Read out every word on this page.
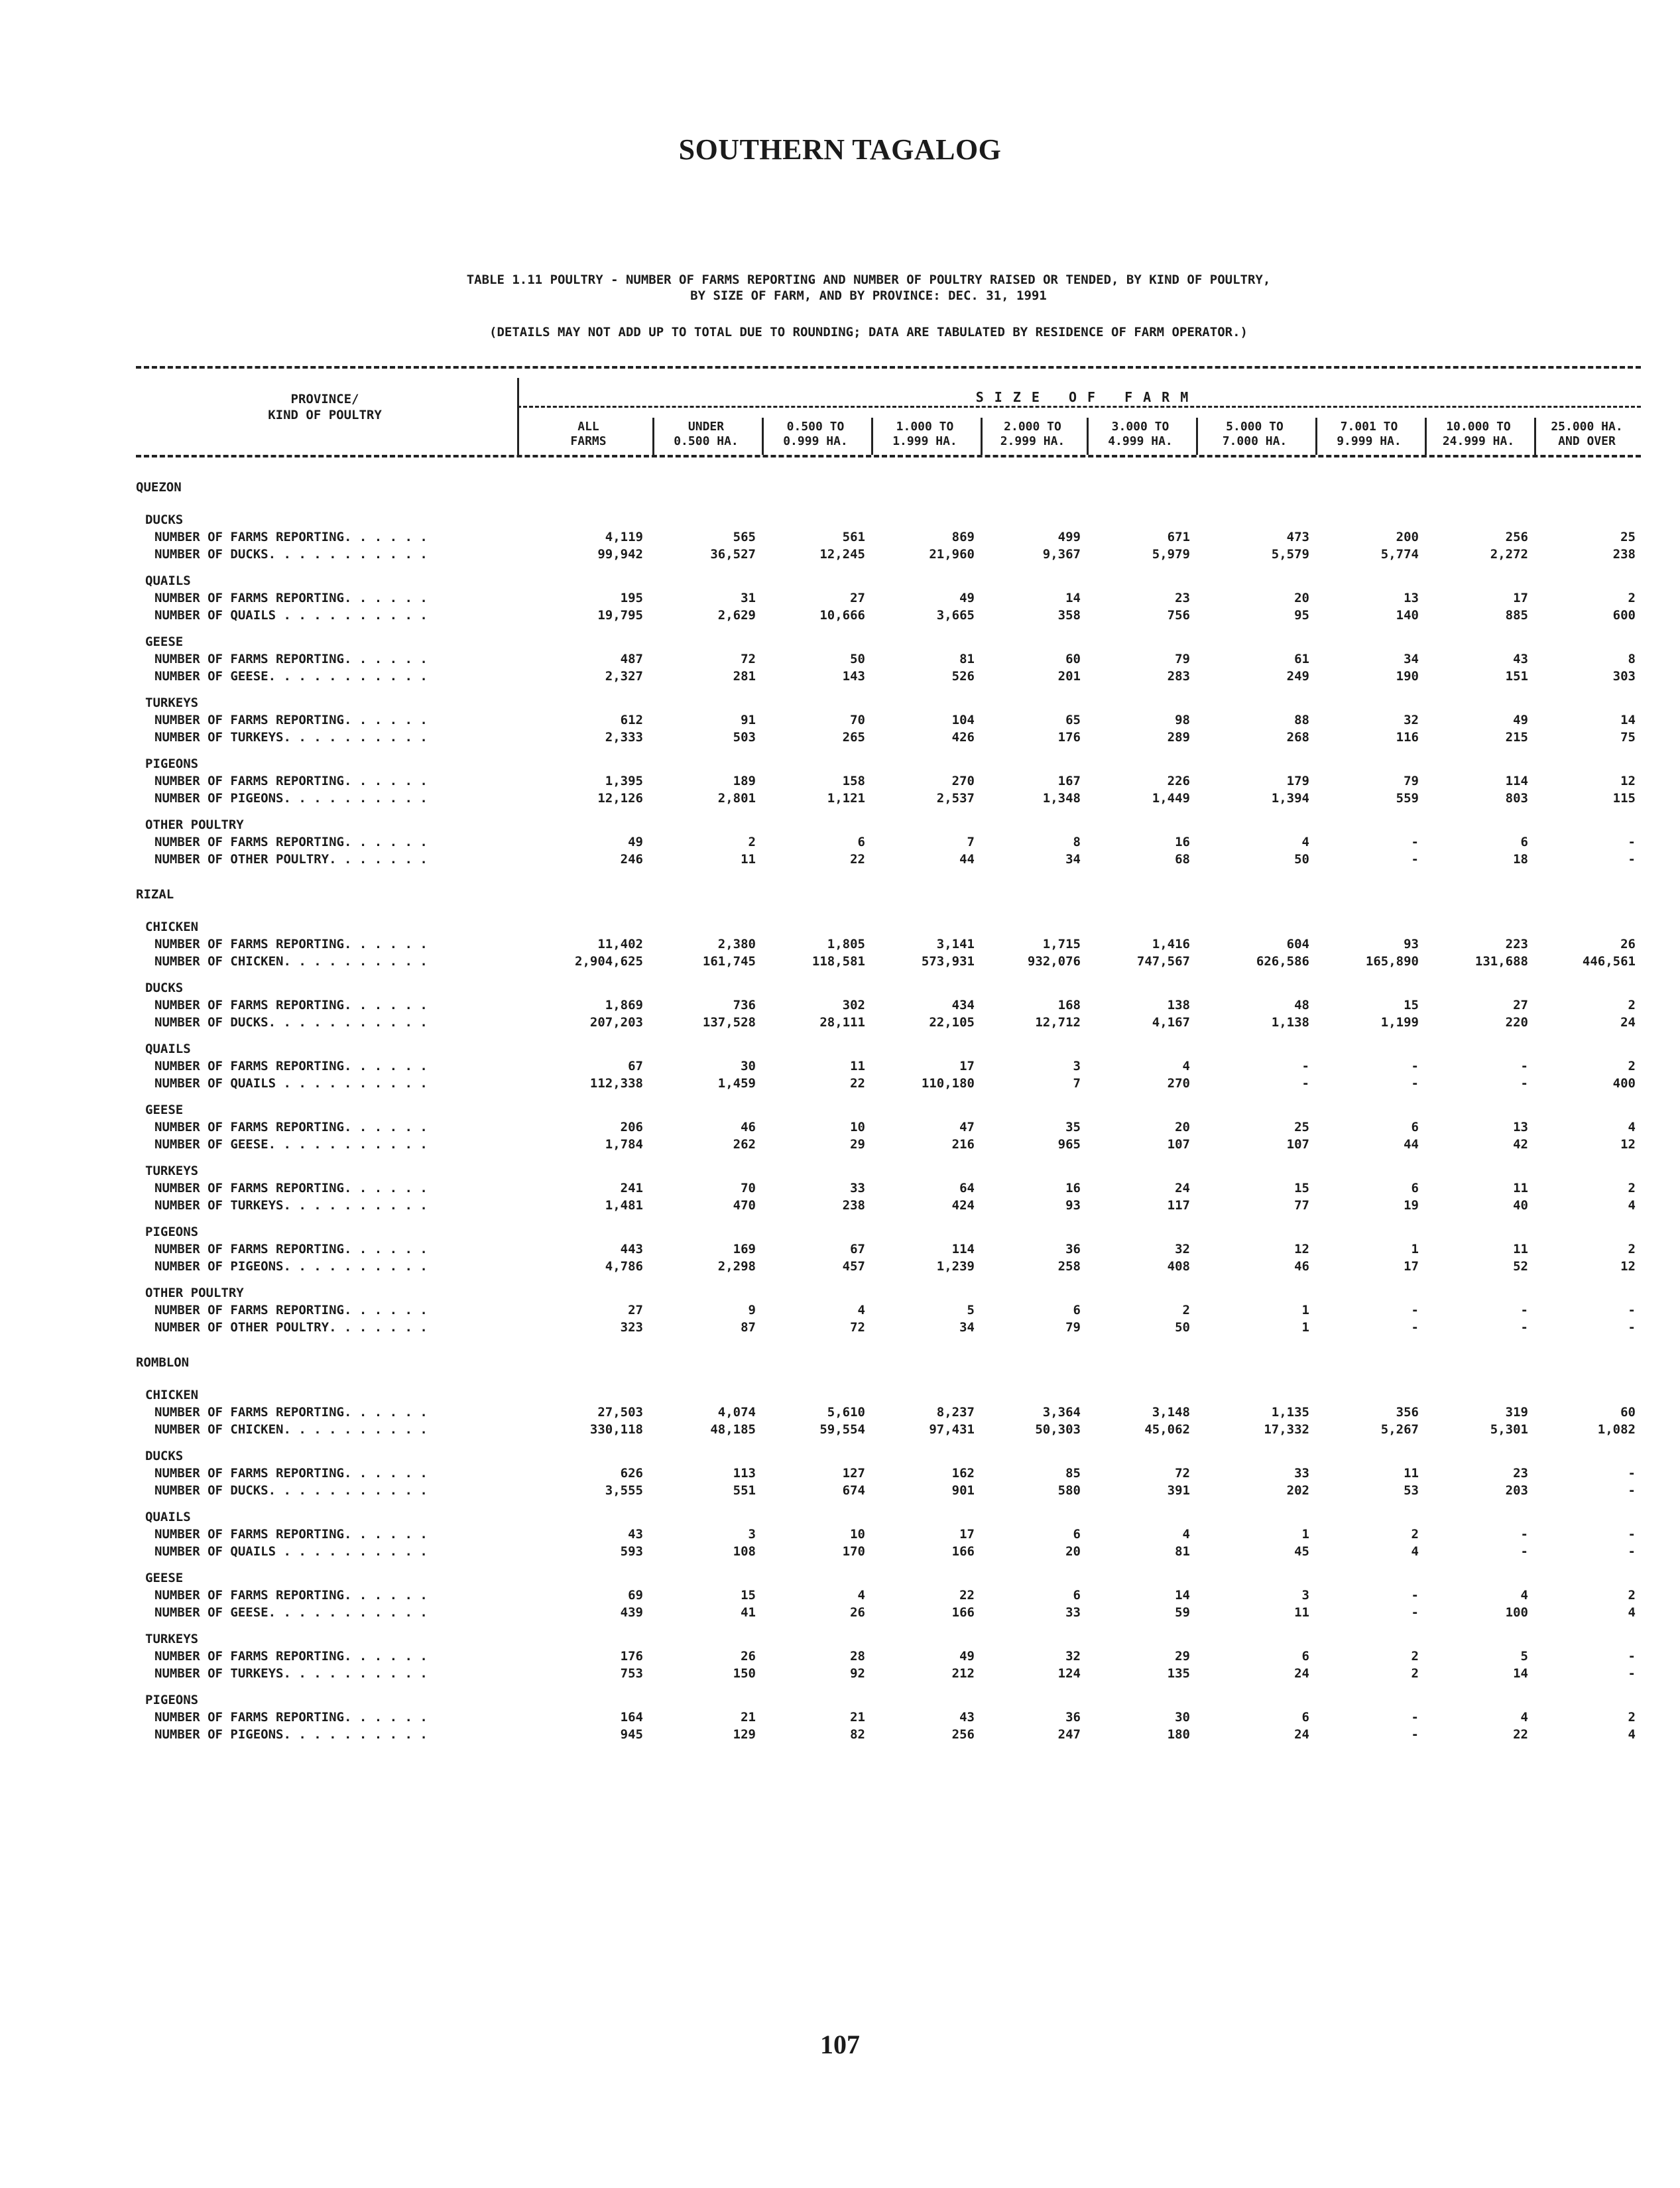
SOUTHERN TAGALOG
TABLE 1.11 POULTRY - NUMBER OF FARMS REPORTING AND NUMBER OF POULTRY RAISED OR TENDED, BY KIND OF POULTRY,
BY SIZE OF FARM, AND BY PROVINCE: DEC. 31, 1991
(DETAILS MAY NOT ADD UP TO TOTAL DUE TO ROUNDING; DATA ARE TABULATED BY RESIDENCE OF FARM OPERATOR.)
PROVINCE/
KIND OF POULTRY
SIZE OF FARM
ALL
FARMS
UNDER
0.500 HA.
0.500 TO
0.999 HA.
1.000 TO
1.999 HA.
2.000 TO
2.999 HA.
3.000 TO
4.999 HA.
5.000 TO
7.000 HA.
7.001 TO
9.999 HA.
10.000 TO
24.999 HA.
25.000 HA.
AND OVER
QUEZON
DUCKS
NUMBER OF FARMS REPORTING. . . . . .	4,119	565	561	869	499	671	473	200	256	25
NUMBER OF DUCKS. . . . . . . . . . .	99,942	36,527	12,245	21,960	9,367	5,979	5,579	5,774	2,272	238
QUAILS
NUMBER OF FARMS REPORTING. . . . . .	195	31	27	49	14	23	20	13	17	2
NUMBER OF QUAILS . . . . . . . . . .	19,795	2,629	10,666	3,665	358	756	95	140	885	600
GEESE
NUMBER OF FARMS REPORTING. . . . . .	487	72	50	81	60	79	61	34	43	8
NUMBER OF GEESE. . . . . . . . . . .	2,327	281	143	526	201	283	249	190	151	303
TURKEYS
NUMBER OF FARMS REPORTING. . . . . .	612	91	70	104	65	98	88	32	49	14
NUMBER OF TURKEYS. . . . . . . . . .	2,333	503	265	426	176	289	268	116	215	75
PIGEONS
NUMBER OF FARMS REPORTING. . . . . .	1,395	189	158	270	167	226	179	79	114	12
NUMBER OF PIGEONS. . . . . . . . . .	12,126	2,801	1,121	2,537	1,348	1,449	1,394	559	803	115
OTHER POULTRY
NUMBER OF FARMS REPORTING. . . . . .	49	2	6	7	8	16	4	-	6	-
NUMBER OF OTHER POULTRY. . . . . . .	246	11	22	44	34	68	50	-	18	-
RIZAL
CHICKEN
NUMBER OF FARMS REPORTING. . . . . .	11,402	2,380	1,805	3,141	1,715	1,416	604	93	223	26
NUMBER OF CHICKEN. . . . . . . . . .	2,904,625	161,745	118,581	573,931	932,076	747,567	626,586	165,890	131,688	446,561
DUCKS
NUMBER OF FARMS REPORTING. . . . . .	1,869	736	302	434	168	138	48	15	27	2
NUMBER OF DUCKS. . . . . . . . . . .	207,203	137,528	28,111	22,105	12,712	4,167	1,138	1,199	220	24
QUAILS
NUMBER OF FARMS REPORTING. . . . . .	67	30	11	17	3	4	-	-	-	2
NUMBER OF QUAILS . . . . . . . . . .	112,338	1,459	22	110,180	7	270	-	-	-	400
GEESE
NUMBER OF FARMS REPORTING. . . . . .	206	46	10	47	35	20	25	6	13	4
NUMBER OF GEESE. . . . . . . . . . .	1,784	262	29	216	965	107	107	44	42	12
TURKEYS
NUMBER OF FARMS REPORTING. . . . . .	241	70	33	64	16	24	15	6	11	2
NUMBER OF TURKEYS. . . . . . . . . .	1,481	470	238	424	93	117	77	19	40	4
PIGEONS
NUMBER OF FARMS REPORTING. . . . . .	443	169	67	114	36	32	12	1	11	2
NUMBER OF PIGEONS. . . . . . . . . .	4,786	2,298	457	1,239	258	408	46	17	52	12
OTHER POULTRY
NUMBER OF FARMS REPORTING. . . . . .	27	9	4	5	6	2	1	-	-	-
NUMBER OF OTHER POULTRY. . . . . . .	323	87	72	34	79	50	1	-	-	-
ROMBLON
CHICKEN
NUMBER OF FARMS REPORTING. . . . . .	27,503	4,074	5,610	8,237	3,364	3,148	1,135	356	319	60
NUMBER OF CHICKEN. . . . . . . . . .	330,118	48,185	59,554	97,431	50,303	45,062	17,332	5,267	5,301	1,082
DUCKS
NUMBER OF FARMS REPORTING. . . . . .	626	113	127	162	85	72	33	11	23	-
NUMBER OF DUCKS. . . . . . . . . . .	3,555	551	674	901	580	391	202	53	203	-
QUAILS
NUMBER OF FARMS REPORTING. . . . . .	43	3	10	17	6	4	1	2	-	-
NUMBER OF QUAILS . . . . . . . . . .	593	108	170	166	20	81	45	4	-	-
GEESE
NUMBER OF FARMS REPORTING. . . . . .	69	15	4	22	6	14	3	-	4	2
NUMBER OF GEESE. . . . . . . . . . .	439	41	26	166	33	59	11	-	100	4
TURKEYS
NUMBER OF FARMS REPORTING. . . . . .	176	26	28	49	32	29	6	2	5	-
NUMBER OF TURKEYS. . . . . . . . . .	753	150	92	212	124	135	24	2	14	-
PIGEONS
NUMBER OF FARMS REPORTING. . . . . .	164	21	21	43	36	30	6	-	4	2
NUMBER OF PIGEONS. . . . . . . . . .	945	129	82	256	247	180	24	-	22	4
107
